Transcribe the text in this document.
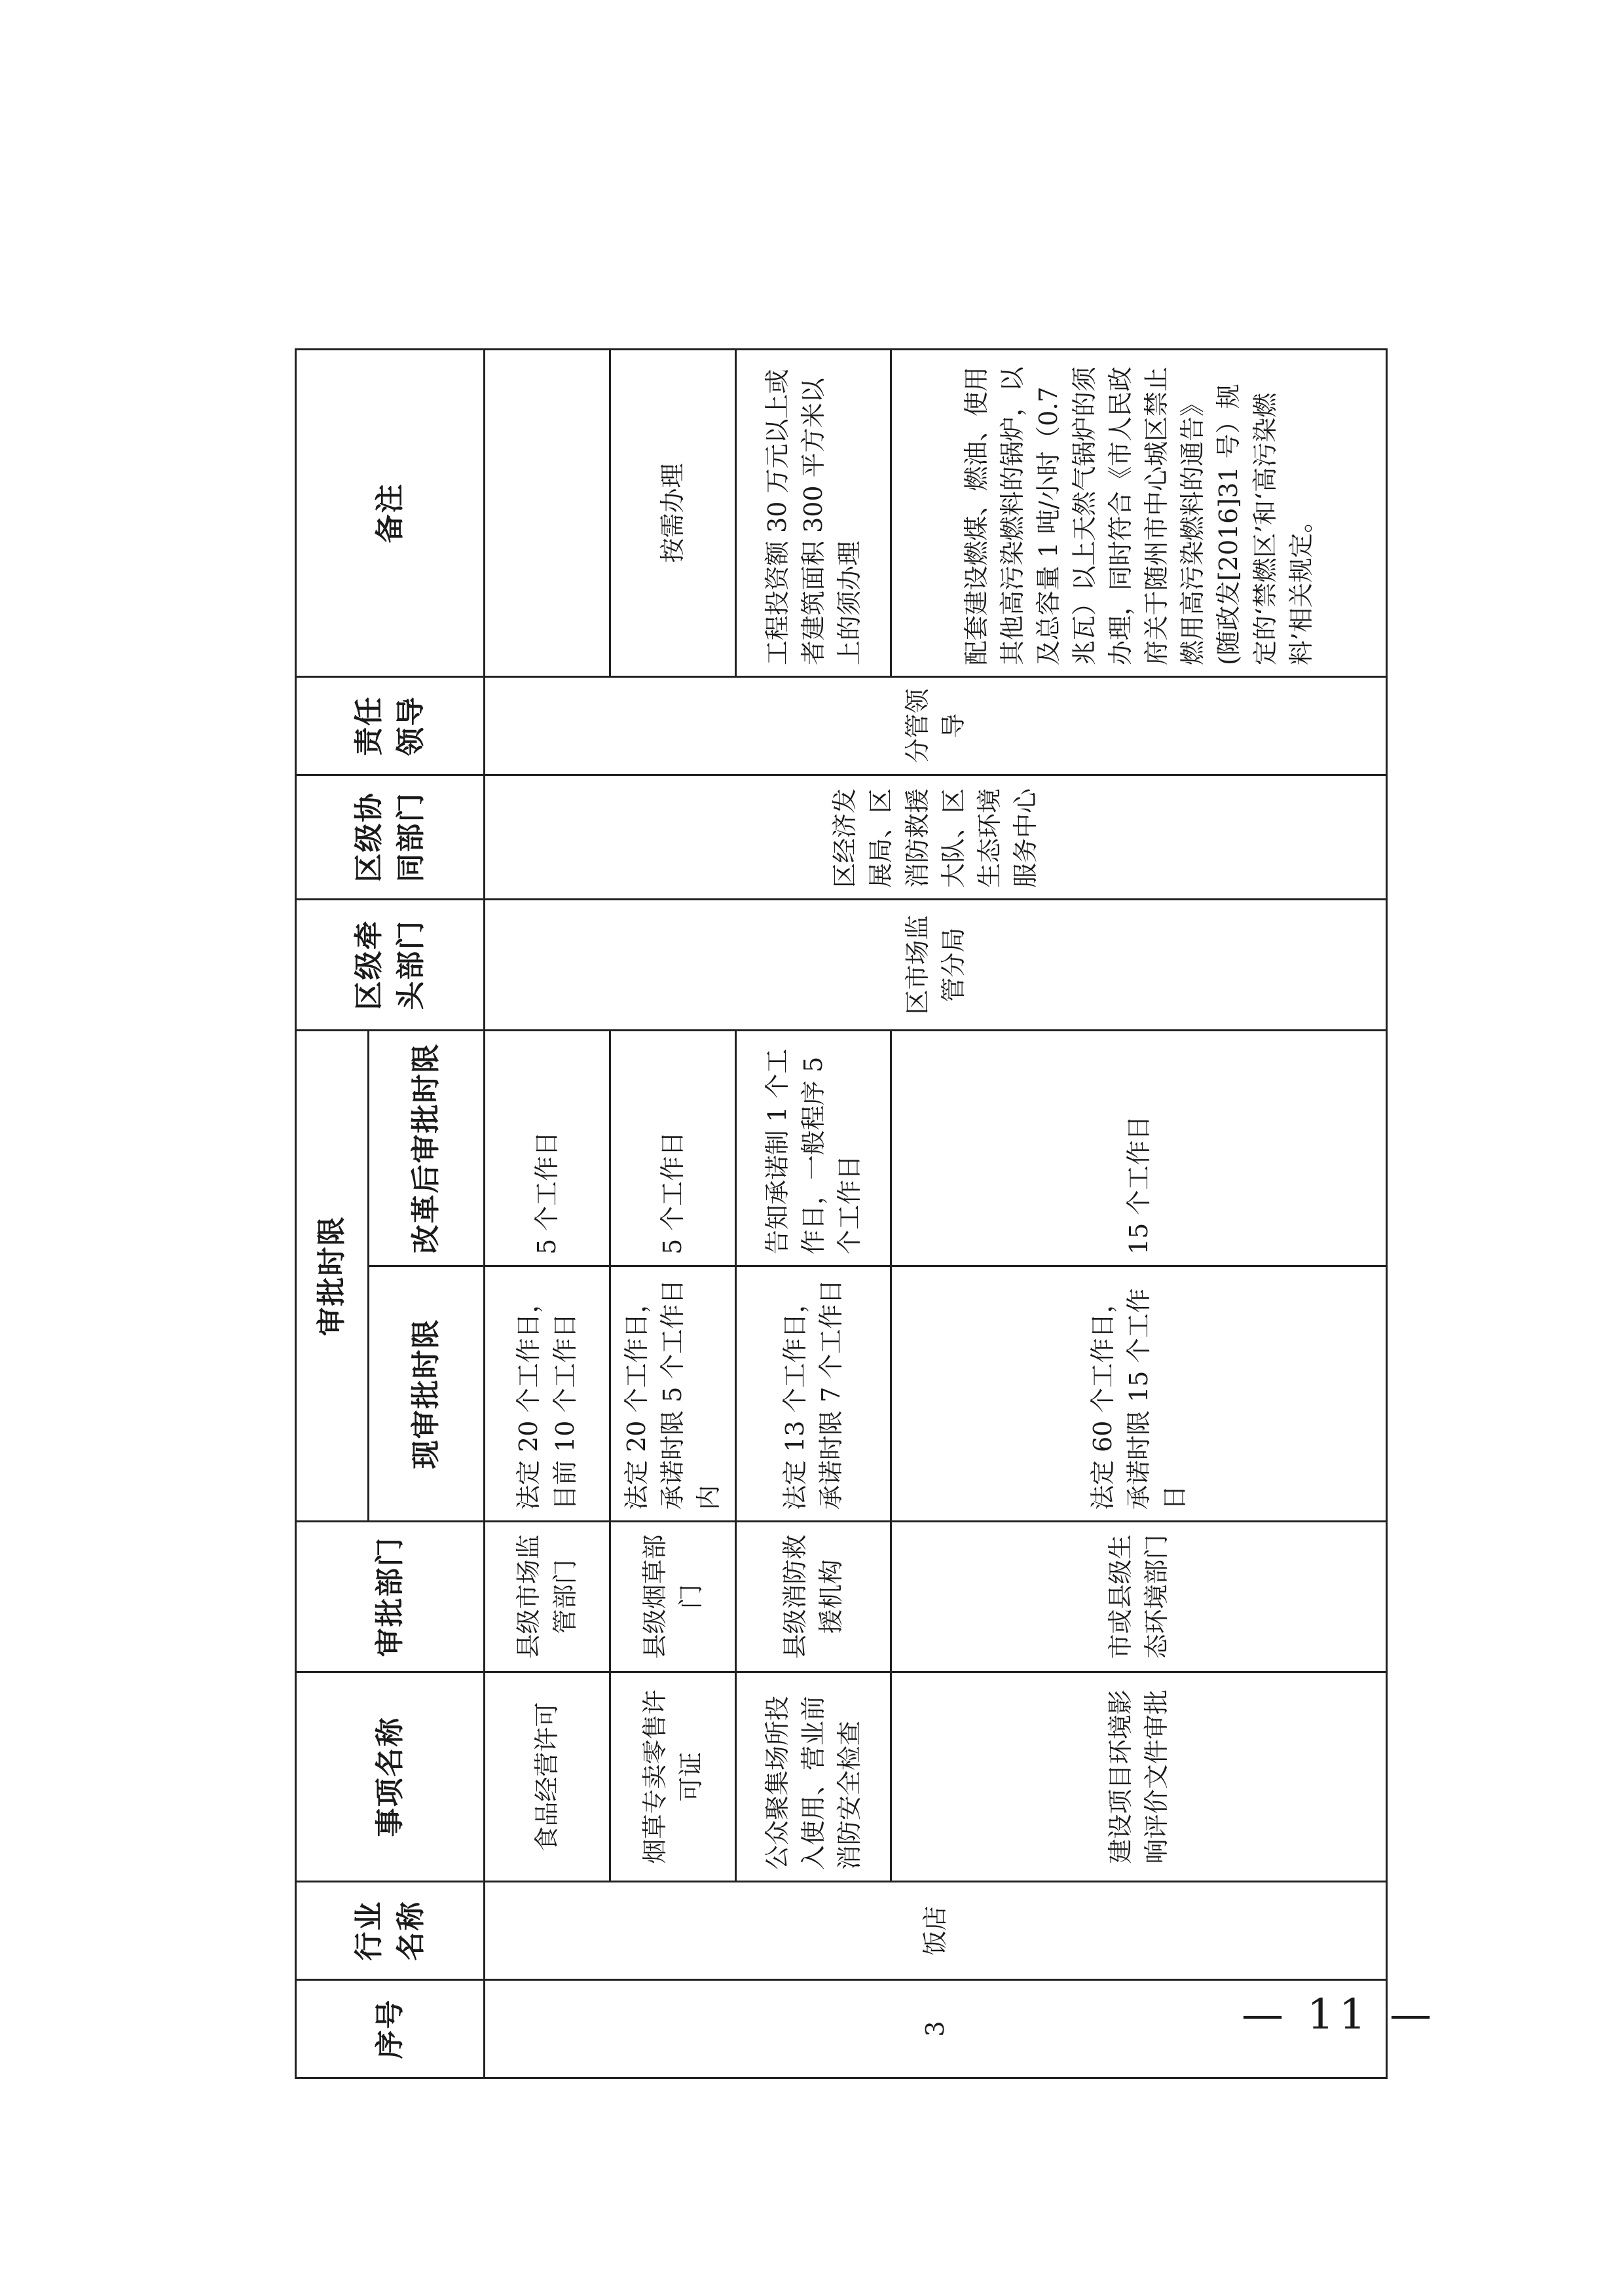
序号	行业名称	事项名称	审批部门	审批时限		区级牵头部门	区级协同部门	责任领导	备注
				现审批时限	改革后审批时限				
3	饭店	食品经营许可	县级市场监管部门	法定 20 个工作日，目前 10 个工作日	5 个工作日	区市场监管分局	区经济发展局、区消防救援大队、区生态环境服务中心	分管领导	
		烟草专卖零售许可证	县级烟草部门	法定 20 个工作日，承诺时限 5 个工作日内	5 个工作日				按需办理
		公众聚集场所投入使用、营业前消防安全检查	县级消防救援机构	法定 13 个工作日，承诺时限 7 个工作日	告知承诺制 1 个工作日，一般程序 5 个工作日				工程投资额 30 万元以上或者建筑面积 300 平方米以上的须办理
		建设项目环境影响评价文件审批	市或县级生态环境部门	法定 60 个工作日，承诺时限 15 个工作日	15 个工作日				配套建设燃煤、燃油、使用其他高污染燃料的锅炉，以及总容量 1 吨/小时（0.7 兆瓦）以上天然气锅炉的须办理，同时符合《市人民政府关于随州市中心城区禁止燃用高污染燃料的通告》(随政发[2016]31 号）规定的‘禁燃区’和‘高污染燃料’相关规定。
— 11 —
